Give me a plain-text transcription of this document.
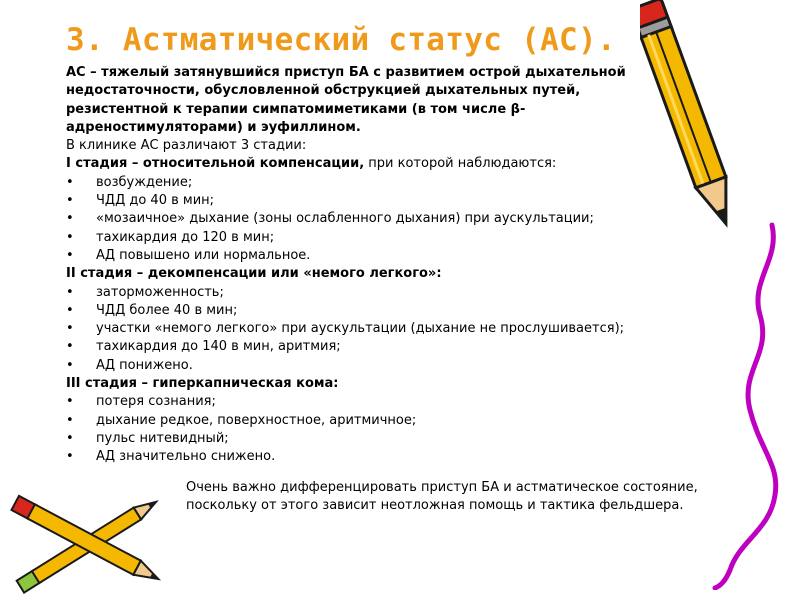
3. Астматический статус (АС).

АС – тяжелый затянувшийся приступ БА с развитием острой дыхательной недостаточности, обусловленной обструкцией дыхательных путей, резистентной к терапии симпатомиметиками (в том числе β-адреностимуляторами) и эуфиллином.

В клинике АС различают 3 стадии:

I стадия – относительной компенсации, при которой наблюдаются:

• возбуждение;
• ЧДД до 40 в мин;
• «мозаичное» дыхание (зоны ослабленного дыхания) при аускультации;
• тахикардия до 120 в мин;
• АД повышено или нормальное.

II стадия – декомпенсации или «немого легкого»:

• заторможенность;
• ЧДД более 40 в мин;
• участки «немого легкого» при аускультации (дыхание не прослушивается);
• тахикардия до 140 в мин, аритмия;
• АД понижено.

III стадия – гиперкапническая кома:

• потеря сознания;
• дыхание редкое, поверхностное, аритмичное;
• пульс нитевидный;
• АД значительно снижено.

Очень важно дифференцировать приступ БА и астматическое состояние, поскольку от этого зависит неотложная помощь и тактика фельдшера.
